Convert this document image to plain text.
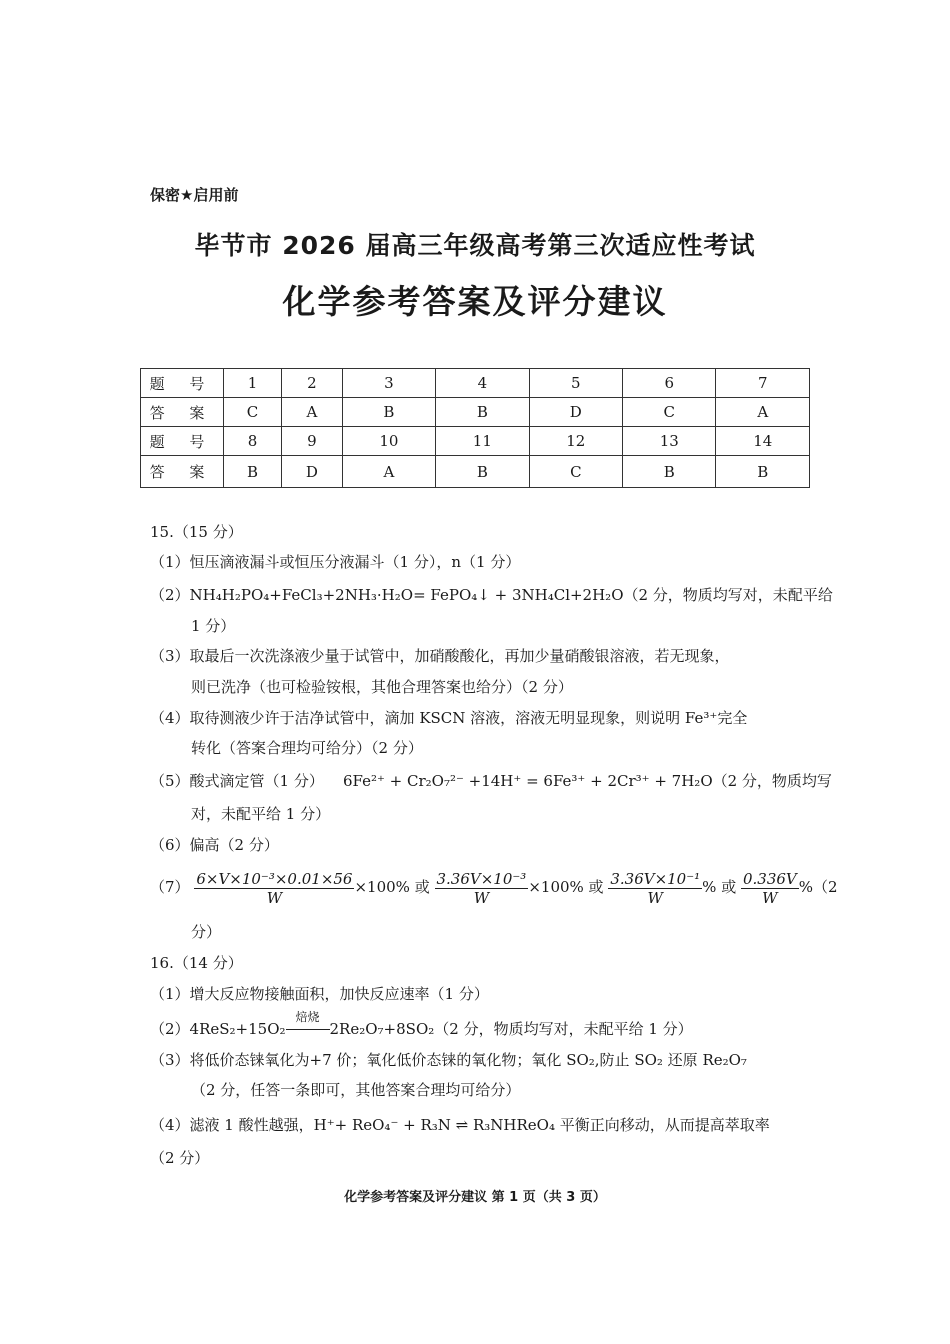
保密★启用前
毕节市 2026 届高三年级高考第三次适应性考试
化学参考答案及评分建议
题 号	1	2	3	4	5	6	7
答 案	C	A	B	B	D	C	A
题 号	8	9	10	11	12	13	14
答 案	B	D	A	B	C	B	B
15.（15 分）
（1）恒压滴液漏斗或恒压分液漏斗（1 分），n（1 分）
（2）NH₄H₂PO₄+FeCl₃+2NH₃·H₂O= FePO₄↓ + 3NH₄Cl+2H₂O（2 分，物质均写对，未配平给
1 分）
（3）取最后一次洗涤液少量于试管中，加硝酸酸化，再加少量硝酸银溶液，若无现象，
则已洗净（也可检验铵根，其他合理答案也给分）（2 分）
（4）取待测液少许于洁净试管中，滴加 KSCN 溶液，溶液无明显现象，则说明 Fe³⁺完全
转化（答案合理均可给分）（2 分）
（5）酸式滴定管（1 分） 6Fe²⁺ + Cr₂O₇²⁻ +14H⁺ = 6Fe³⁺ + 2Cr³⁺ + 7H₂O（2 分，物质均写
对，未配平给 1 分）
（6）偏高（2 分）
$(7) \frac{\text{6×V×10⁻³×0.01×56}}{W} \times 100\%$ 或 $\frac{\text{3.36V×10⁻³}}{W} \times 100\%$ 或 $\frac{\text{3.36V×10⁻¹}}{W}$ % 或 $\frac{0.336V}{W} \%(2$
分）
16.（14 分）
（1）增大反应物接触面积，加快反应速率（1 分）
（2）4ReS₂+15O₂
焙烧
2Re₂O₇+8SO₂（2 分，物质均写对，未配平给 1 分）
（3）将低价态铼氧化为+7 价；氧化低价态铼的氧化物；氧化 SO₂,防止 SO₂ 还原 Re₂O₇
（2 分，任答一条即可，其他答案合理均可给分）
（4）滤液 1 酸性越强，H⁺+ ReO₄⁻ + R₃N ⇌ R₃NHReO₄ 平衡正向移动，从而提高萃取率
（2 分）
化学参考答案及评分建议 第 1 页（共 3 页）
